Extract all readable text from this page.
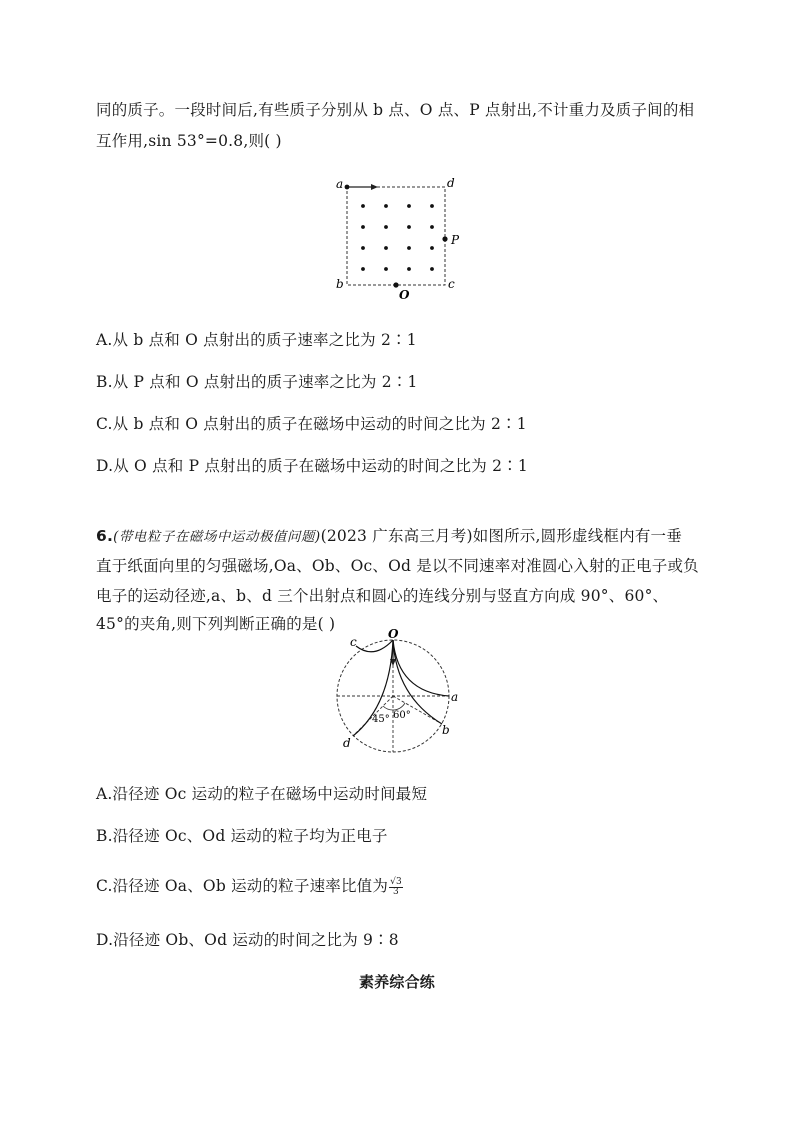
同的质子。一段时间后,有些质子分别从 b 点、O 点、P 点射出,不计重力及质子间的相
互作用,sin 53°=0.8,则( )
a	d
P
b	c
O
A.从 b 点和 O 点射出的质子速率之比为 2∶1
B.从 P 点和 O 点射出的质子速率之比为 2∶1
C.从 b 点和 O 点射出的质子在磁场中运动的时间之比为 2∶1
D.从 O 点和 P 点射出的质子在磁场中运动的时间之比为 2∶1
6.(带电粒子在磁场中运动极值问题)(2023 广东高三月考)如图所示,圆形虚线框内有一垂
直于纸面向里的匀强磁场,Oa、Ob、Oc、Od 是以不同速率对准圆心入射的正电子或负
电子的运动径迹,a、b、d 三个出射点和圆心的连线分别与竖直方向成 90°、60°、
45°的夹角,则下列判断正确的是( )
45° 60°
O
c
a
b
d
A.沿径迹 Oc 运动的粒子在磁场中运动时间最短
B.沿径迹 Oc、Od 运动的粒子均为正电子
C.沿径迹 Oa、Ob 运动的粒子速率比值为 $\frac{√3}{3}$
D.沿径迹 Ob、Od 运动的时间之比为 9∶8
素养综合练
